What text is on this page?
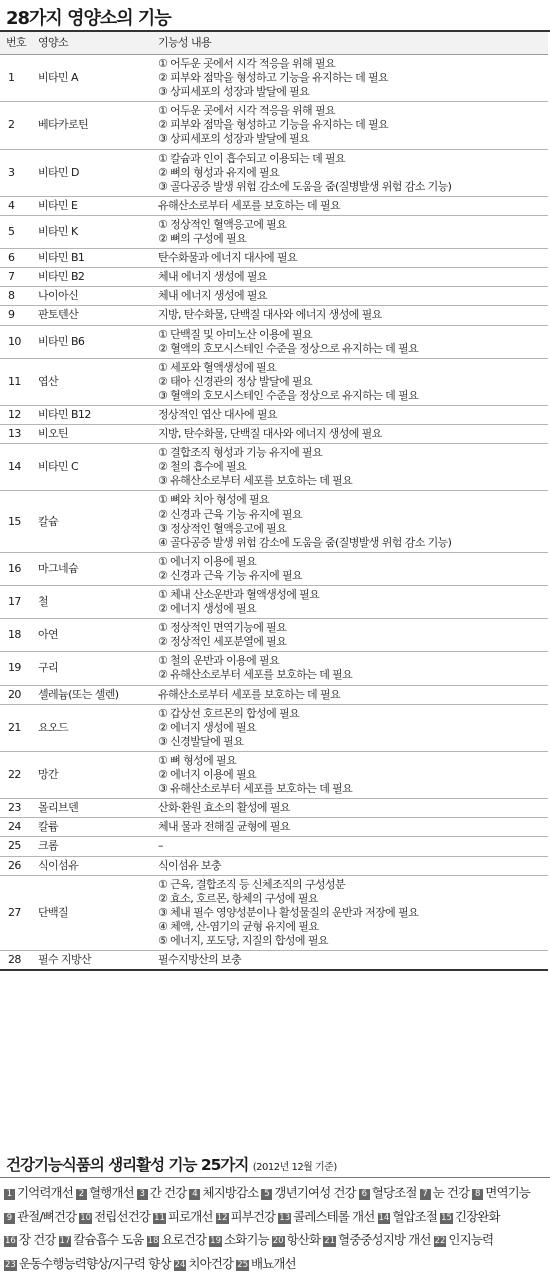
28가지 영양소의 기능
번호	영양소	기능성 내용
1	비타민 A	① 어두운 곳에서 시각 적응을 위해 필요
② 피부와 점막을 형성하고 기능을 유지하는 데 필요
③ 상피세포의 성장과 발달에 필요

2	베타카로틴	① 어두운 곳에서 시각 적응을 위해 필요
② 피부와 점막을 형성하고 기능을 유지하는 데 필요
③ 상피세포의 성장과 발달에 필요

3	비타민 D	① 칼슘과 인이 흡수되고 이용되는 데 필요
② 뼈의 형성과 유지에 필요
③ 골다공증 발생 위험 감소에 도움을 줌(질병발생 위험 감소 기능)

4	비타민 E	유해산소로부터 세포를 보호하는 데 필요

5	비타민 K	① 정상적인 혈액응고에 필요
② 뼈의 구성에 필요

6	비타민 B1	탄수화물과 에너지 대사에 필요

7	비타민 B2	체내 에너지 생성에 필요

8	나이아신	체내 에너지 생성에 필요

9	판토텐산	지방, 탄수화물, 단백질 대사와 에너지 생성에 필요

10	비타민 B6	① 단백질 및 아미노산 이용에 필요
② 혈액의 호모시스테인 수준을 정상으로 유지하는 데 필요

11	엽산	① 세포와 혈액생성에 필요
② 태아 신경관의 정상 발달에 필요
③ 혈액의 호모시스테인 수준을 정상으로 유지하는 데 필요

12	비타민 B12	정상적인 엽산 대사에 필요

13	비오틴	지방, 탄수화물, 단백질 대사와 에너지 생성에 필요

14	비타민 C	① 결합조직 형성과 기능 유지에 필요
② 철의 흡수에 필요
③ 유해산소로부터 세포를 보호하는 데 필요

15	칼슘	① 뼈와 치아 형성에 필요
② 신경과 근육 기능 유지에 필요
③ 정상적인 혈액응고에 필요
④ 골다공증 발생 위험 감소에 도움을 줌(질병발생 위험 감소 기능)

16	마그네슘	① 에너지 이용에 필요
② 신경과 근육 기능 유지에 필요

17	철	① 체내 산소운반과 혈액생성에 필요
② 에너지 생성에 필요

18	아연	① 정상적인 면역기능에 필요
② 정상적인 세포분열에 필요

19	구리	① 철의 운반과 이용에 필요
② 유해산소로부터 세포를 보호하는 데 필요

20	셀레늄(또는 셀렌)	유해산소로부터 세포를 보호하는 데 필요

21	요오드	① 갑상선 호르몬의 합성에 필요
② 에너지 생성에 필요
③ 신경발달에 필요

22	망간	① 뼈 형성에 필요
② 에너지 이용에 필요
③ 유해산소로부터 세포를 보호하는 데 필요

23	몰리브덴	산화·환원 효소의 활성에 필요

24	칼륨	체내 물과 전해질 균형에 필요

25	크롬	–

26	식이섬유	식이섬유 보충

27	단백질	① 근육, 결합조직 등 신체조직의 구성성분
② 효소, 호르몬, 항체의 구성에 필요
③ 체내 필수 영양성분이나 활성물질의 운반과 저장에 필요
④ 체액, 산-염기의 균형 유지에 필요
⑤ 에너지, 포도당, 지질의 합성에 필요

28	필수 지방산	필수지방산의 보충
건강기능식품의 생리활성 기능 25가지 (2012년 12월 기준)
1 기억력개선 2 혈행개선 3 간 건강 4 체지방감소 5 갱년기여성 건강 6 혈당조절 7 눈 건강 8 면역기능 9 관절/뼈건강 10 전립선건강 11 피로개선 12 피부건강 13 콜레스테롤 개선 14 혈압조절 15 긴장완화 16 장 건강 17 칼슘흡수 도움 18 요로건강 19 소화기능 20 항산화 21 혈중중성지방 개선 22 인지능력 23 운동수행능력향상/지구력 향상 24 치아건강 25 배뇨개선
